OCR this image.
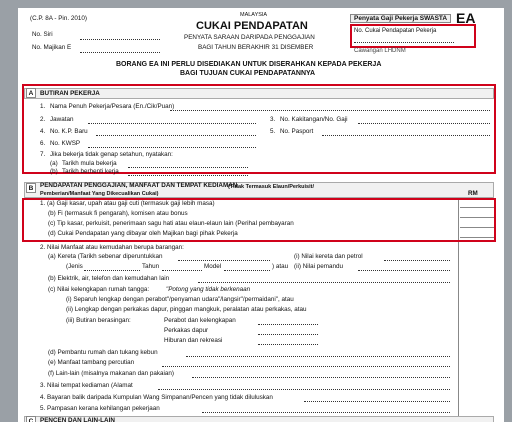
(C.P. 8A - Pin. 2010)	MALAYSIA
CUKAI PENDAPATAN
PENYATA SARAAN DARIPADA PENGGAJIAN
BAGI TAHUN BERAKHIR 31 DISEMBER
No. Siri
No. Majikan E
Penyata Gaji Pekerja SWASTA EA
No. Cukai Pendapatan Pekerja
Cawangan LHDNM
BORANG EA INI PERLU DISEDIAKAN UNTUK DISERAHKAN KEPADA PEKERJA
BAGI TUJUAN CUKAI PENDAPATANNYA
A	BUTIRAN PEKERJA
1. Nama Penuh Pekerja/Pesara (En./Cik/Puan)
2. Jawatan	3. No. Kakitangan/No. Gaji
4. No. K.P. Baru	5. No. Pasport
6. No. KWSP
7. Jika bekerja tidak genap setahun, nyatakan:
(a) Tarikh mula bekerja
(b) Tarikh berhenti kerja
B	PENDAPATAN PENGGAJIAN, MANFAAT DAN TEMPAT KEDIAMAN
(Tidak Termasuk Elaun/Perkuisit/
Pemberian/Manfaat Yang Dikecualikan Cukai)	RM
1. (a) Gaji kasar, upah atau gaji cuti (termasuk gaji lebih masa)
(b) Fi (termasuk fi pengarah), komisen atau bonus
(c) Tip kasar, perkuisit, penerimaan sagu hati atau elaun-elaun lain (Perihal pembayaran
(d) Cukai Pendapatan yang dibayar oleh Majikan bagi pihak Pekerja
2. Nilai Manfaat atau kemudahan berupa barangan:
(a) Kereta (Tarikh sebenar diperuntukkan
(Jenis	Tahun	Model	) atau
(i) Nilai kereta dan petrol
(ii) Nilai pemandu
(b) Elektrik, air, telefon dan kemudahan lain
(c) Nilai kelengkapan rumah tangga:	"Potong yang tidak berkenaan
(i) Separuh lengkap dengan perabot"/penyaman udara"/langsir"/permaidani", atau
(ii) Lengkap dengan perkakas dapur, pinggan mangkuk, peralatan atau perkakas, atau
(iii) Butiran berasingan:	Perabot dan kelengkapan
Perkakas dapur
Hiburan dan rekreasi
(d) Pembantu rumah dan tukang kebun
(e) Manfaat tambang percutian
(f) Lain-lain (misalnya makanan dan pakaian)
3. Nilai tempat kediaman (Alamat
4. Bayaran balik daripada Kumpulan Wang Simpanan/Pencen yang tidak diluluskan
5. Pampasan kerana kehilangan pekerjaan
C	PENCEN DAN LAIN-LAIN
